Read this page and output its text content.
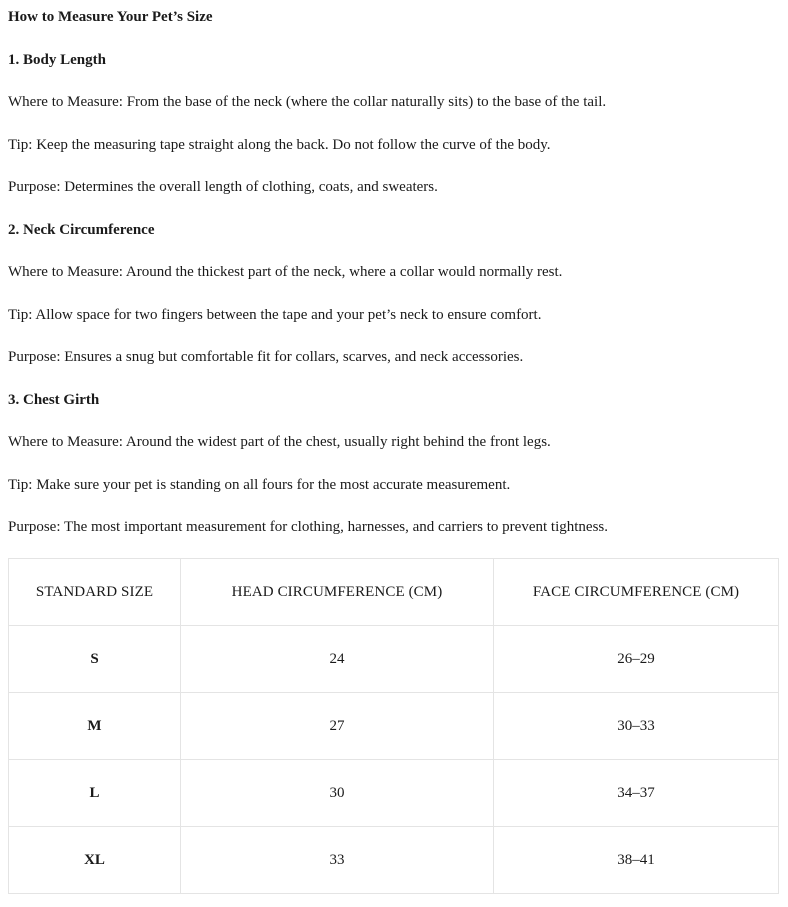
How to Measure Your Pet’s Size
1. Body Length
Where to Measure: From the base of the neck (where the collar naturally sits) to the base of the tail.
Tip: Keep the measuring tape straight along the back. Do not follow the curve of the body.
Purpose: Determines the overall length of clothing, coats, and sweaters.
2. Neck Circumference
Where to Measure: Around the thickest part of the neck, where a collar would normally rest.
Tip: Allow space for two fingers between the tape and your pet’s neck to ensure comfort.
Purpose: Ensures a snug but comfortable fit for collars, scarves, and neck accessories.
3. Chest Girth
Where to Measure: Around the widest part of the chest, usually right behind the front legs.
Tip: Make sure your pet is standing on all fours for the most accurate measurement.
Purpose: The most important measurement for clothing, harnesses, and carriers to prevent tightness.
STANDARD SIZE	HEAD CIRCUMFERENCE (CM)	FACE CIRCUMFERENCE (CM)
S	24	26–29
M	27	30–33
L	30	34–37
XL	33	38–41
